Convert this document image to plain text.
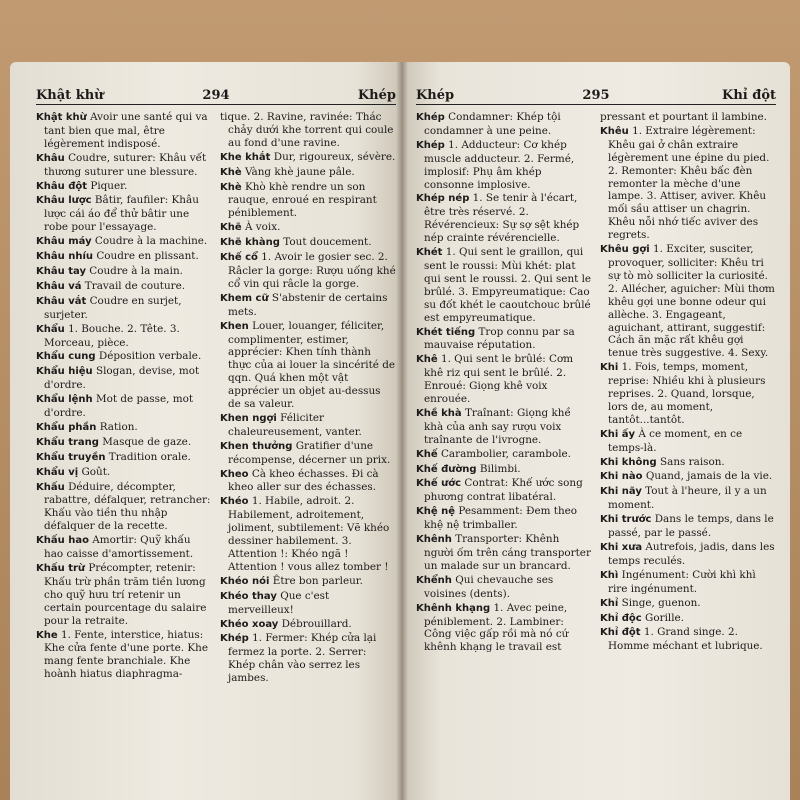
Khật khừ	294	Khép
Khật khừ Avoir une santé qui va tant bien que mal, être légèrement indisposé.
Khâu Coudre, suturer: Khâu vết thương suturer une blessure.
Khâu đột Piquer.
Khâu lược Bâtir, faufiler: Khâu lược cái áo để thử bâtir une robe pour l'essayage.
Khâu máy Coudre à la machine.
Khâu nhíu Coudre en plissant.
Khâu tay Coudre à la main.
Khâu vá Travail de couture.
Khâu vắt Coudre en surjet, surjeter.
Khẩu 1. Bouche. 2. Tête. 3. Morceau, pièce.
Khẩu cung Déposition verbale.
Khẩu hiệu Slogan, devise, mot d'ordre.
Khẩu lệnh Mot de passe, mot d'ordre.
Khẩu phần Ration.
Khẩu trang Masque de gaze.
Khẩu truyền Tradition orale.
Khẩu vị Goût.
Khấu Déduire, décompter, rabattre, défalquer, retrancher: Khấu vào tiền thu nhập défalquer de la recette.
Khấu hao Amortir: Quỹ khấu hao caisse d'amortissement.
Khấu trừ Précompter, retenir: Khấu trừ phần trăm tiền lương cho quỹ hưu trí retenir un certain pourcentage du salaire pour la retraite.
Khe 1. Fente, interstice, hiatus: Khe cửa fente d'une porte. Khe mang fente branchiale. Khe hoành hiatus diaphragma-
tique. 2. Ravine, ravinée: Thác chảy dưới khe torrent qui coule au fond d'une ravine.
Khe khắt Dur, rigoureux, sévère.
Khè Vàng khè jaune pâle.
Khè Khò khè rendre un son rauque, enroué en respirant péniblement.
Khẽ À voix.
Khẽ khàng Tout doucement.
Khế cổ 1. Avoir le gosier sec. 2. Râcler la gorge: Rượu uống khé cổ vin qui râcle la gorge.
Khem cữ S'abstenir de certains mets.
Khen Louer, louanger, féliciter, complimenter, estimer, apprécier: Khen tính thành thực của ai louer la sincérité de qqn. Quá khen một vật apprécier un objet au-dessus de sa valeur.
Khen ngợi Féliciter chaleureusement, vanter.
Khen thưởng Gratifier d'une récompense, décerner un prix.
Kheo Cà kheo échasses. Đi cà kheo aller sur des échasses.
Khéo 1. Habile, adroit. 2. Habilement, adroitement, joliment, subtilement: Vẽ khéo dessiner habilement. 3. Attention !: Khéo ngã ! Attention ! vous allez tomber !
Khéo nói Être bon parleur.
Khéo thay Que c'est merveilleux!
Khéo xoay Débrouillard.
Khép 1. Fermer: Khép cửa lại fermez la porte. 2. Serrer: Khép chân vào serrez les jambes.
Khép	295	Khỉ đột
Khép Condamner: Khép tội condamner à une peine.
Khép 1. Adducteur: Cơ khép muscle adducteur. 2. Fermé, implosif: Phụ âm khép consonne implosive.
Khép nép 1. Se tenir à l'écart, être très réservé. 2. Révérencieux: Sự sợ sệt khép nép crainte révérencielle.
Khét 1. Qui sent le graillon, qui sent le roussi: Mùi khét: plat qui sent le roussi. 2. Qui sent le brûlé. 3. Empyreumatique: Cao su đốt khét le caoutchouc brûlé est empyreumatique.
Khét tiếng Trop connu par sa mauvaise réputation.
Khê 1. Qui sent le brûlé: Cơm khê riz qui sent le brûlé. 2. Enroué: Giọng khê voix enrouée.
Khề khà Traînant: Giọng khề khà của anh say rượu voix traînante de l'ivrogne.
Khế Carambolier, carambole.
Khế đường Bilimbi.
Khế ước Contrat: Khế ước song phương contrat libatéral.
Khệ nệ Pesamment: Đem theo khệ nệ trimballer.
Khênh Transporter: Khênh người ốm trên cáng transporter un malade sur un brancard.
Khểnh Qui chevauche ses voisines (dents).
Khênh khạng 1. Avec peine, péniblement. 2. Lambiner: Công việc gấp rồi mà nó cứ khênh khạng le travail est
pressant et pourtant il lambine.
Khêu 1. Extraire légèrement: Khêu gai ở chân extraire légèrement une épine du pied. 2. Remonter: Khêu bấc đèn remonter la mèche d'une lampe. 3. Attiser, aviver. Khêu mối sầu attiser un chagrin. Khêu nỗi nhớ tiếc aviver des regrets.
Khêu gợi 1. Exciter, susciter, provoquer, solliciter: Khêu tri sự tò mò solliciter la curiosité. 2. Allécher, aguicher: Mùi thơm khêu gợi une bonne odeur qui allèche. 3. Engageant, aguichant, attirant, suggestif: Cách ăn mặc rất khêu gợi tenue très suggestive. 4. Sexy.
Khi 1. Fois, temps, moment, reprise: Nhiều khi à plusieurs reprises. 2. Quand, lorsque, lors de, au moment, tantôt...tantôt.
Khi ấy À ce moment, en ce temps-là.
Khi không Sans raison.
Khi nào Quand, jamais de la vie.
Khi nãy Tout à l'heure, il y a un moment.
Khi trước Dans le temps, dans le passé, par le passé.
Khi xưa Autrefois, jadis, dans les temps reculés.
Khì Ingénument: Cười khì khì rire ingénument.
Khỉ Singe, guenon.
Khỉ độc Gorille.
Khỉ đột 1. Grand singe. 2. Homme méchant et lubrique.
